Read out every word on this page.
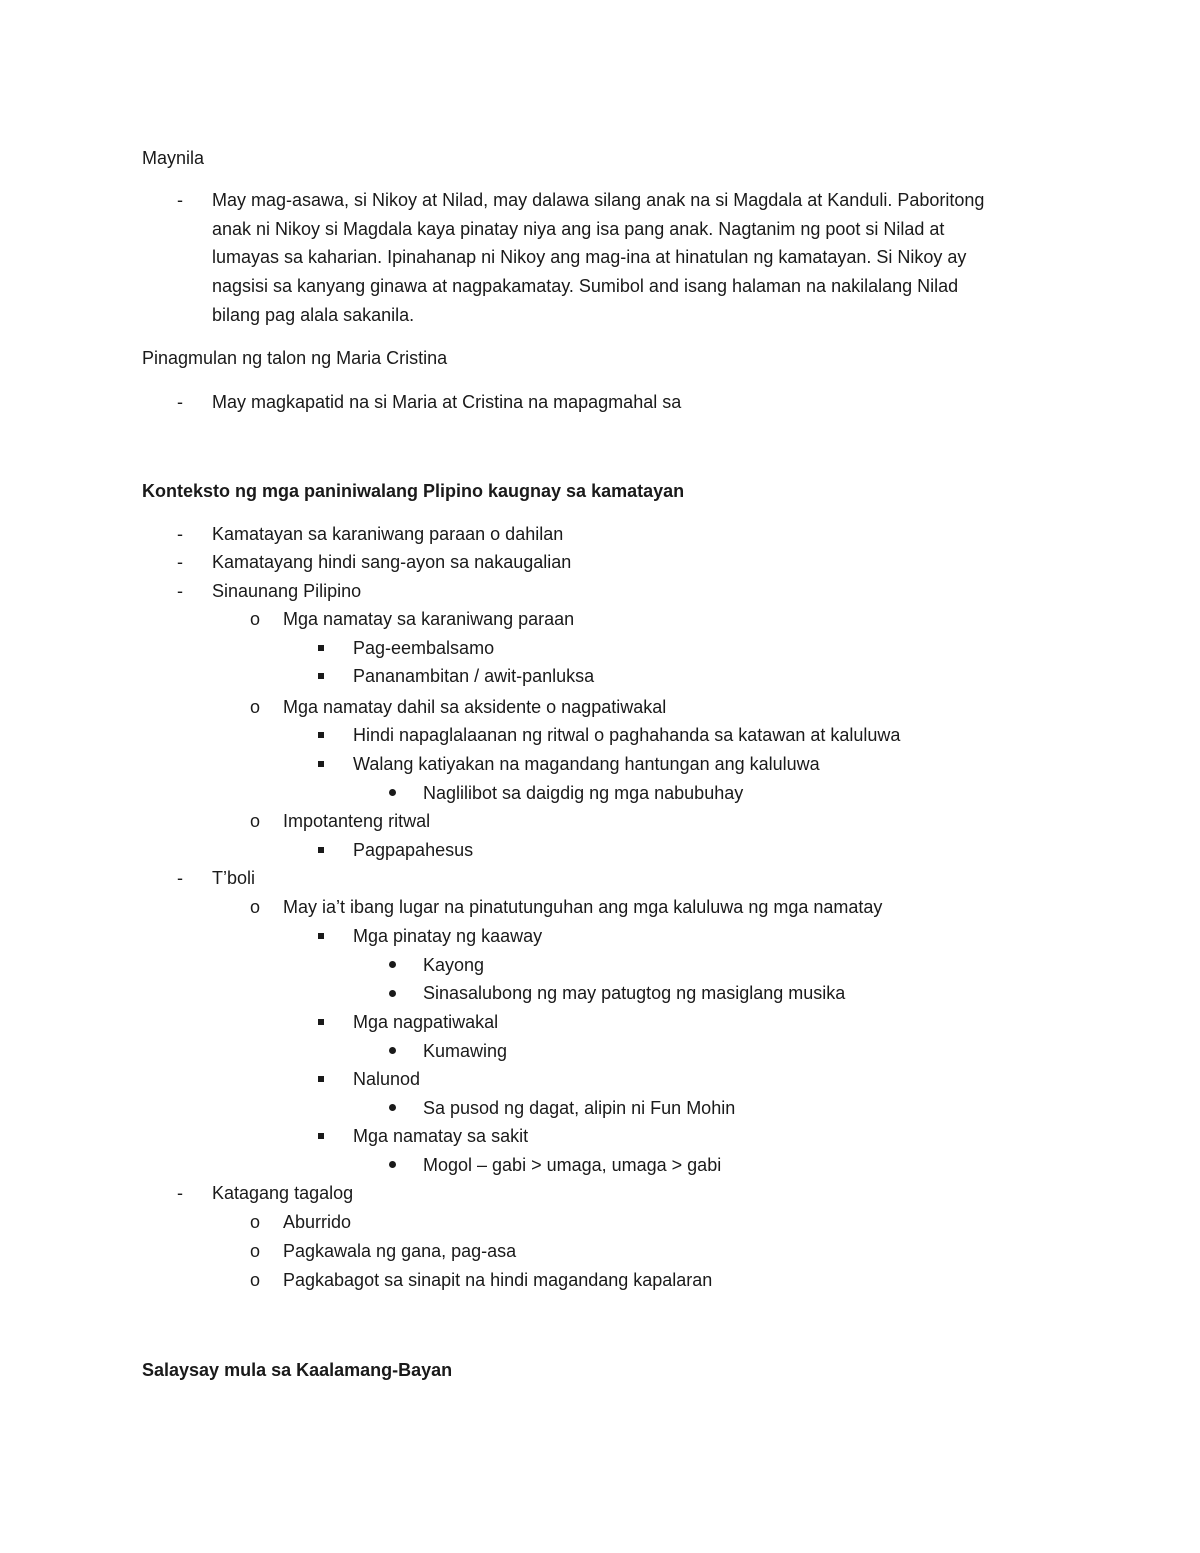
Maynila
- May mag-asawa, si Nikoy at Nilad, may dalawa silang anak na si Magdala at Kanduli. Paboritong
anak ni Nikoy si Magdala kaya pinatay niya ang isa pang anak. Nagtanim ng poot si Nilad at
lumayas sa kaharian. Ipinahanap ni Nikoy ang mag-ina at hinatulan ng kamatayan. Si Nikoy ay
nagsisi sa kanyang ginawa at nagpakamatay. Sumibol and isang halaman na nakilalang Nilad
bilang pag alala sakanila.
Pinagmulan ng talon ng Maria Cristina
- May magkapatid na si Maria at Cristina na mapagmahal sa
Konteksto ng mga paniniwalang Plipino kaugnay sa kamatayan
- Kamatayan sa karaniwang paraan o dahilan
- Kamatayang hindi sang-ayon sa nakaugalian
- Sinaunang Pilipino
o Mga namatay sa karaniwang paraan
Pag-eembalsamo
Pananambitan / awit-panluksa
o Mga namatay dahil sa aksidente o nagpatiwakal
Hindi napaglalaanan ng ritwal o paghahanda sa katawan at kaluluwa
Walang katiyakan na magandang hantungan ang kaluluwa
Naglilibot sa daigdig ng mga nabubuhay
o Impotanteng ritwal
Pagpapahesus
- T’boli
o May ia’t ibang lugar na pinatutunguhan ang mga kaluluwa ng mga namatay
Mga pinatay ng kaaway
Kayong
Sinasalubong ng may patugtog ng masiglang musika
Mga nagpatiwakal
Kumawing
Nalunod
Sa pusod ng dagat, alipin ni Fun Mohin
Mga namatay sa sakit
Mogol – gabi > umaga, umaga > gabi
- Katagang tagalog
o Aburrido
o Pagkawala ng gana, pag-asa
o Pagkabagot sa sinapit na hindi magandang kapalaran
Salaysay mula sa Kaalamang-Bayan
